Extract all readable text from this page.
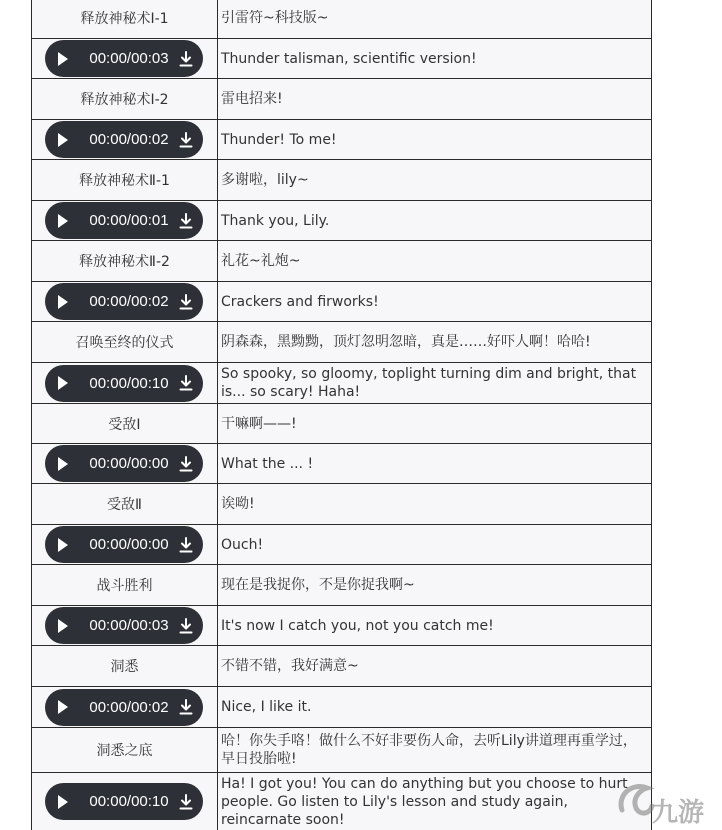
释放神秘术Ⅰ-1	引雷符~科技版~

00:00/00:03	Thunder talisman, scientific version!

释放神秘术Ⅰ-2	雷电招来!

00:00/00:02	Thunder! To me!

释放神秘术Ⅱ-1	多谢啦，lily~

00:00/00:01	Thank you, Lily.

释放神秘术Ⅱ-2	礼花~礼炮~

00:00/00:02	Crackers and firworks!

召唤至终的仪式	阴森森，黑黝黝，顶灯忽明忽暗，真是……好吓人啊！哈哈!

00:00/00:10	So spooky, so gloomy, toplight turning dim and bright, that is... so scary! Haha!

受敌Ⅰ	干嘛啊——!

00:00/00:00	What the ... !

受敌Ⅱ	诶呦!

00:00/00:00	Ouch!

战斗胜利	现在是我捉你，不是你捉我啊~

00:00/00:03	It's now I catch you, not you catch me!

洞悉	不错不错，我好满意~

00:00/00:02	Nice, I like it.

洞悉之底	哈！你失手咯！做什么不好非要伤人命，去听Lily讲道理再重学过，早日投胎啦!

00:00/00:10	Ha! I got you! You can do anything but you choose to hurt people. Go listen to Lily's lesson and study again, reincarnate soon!	九游
